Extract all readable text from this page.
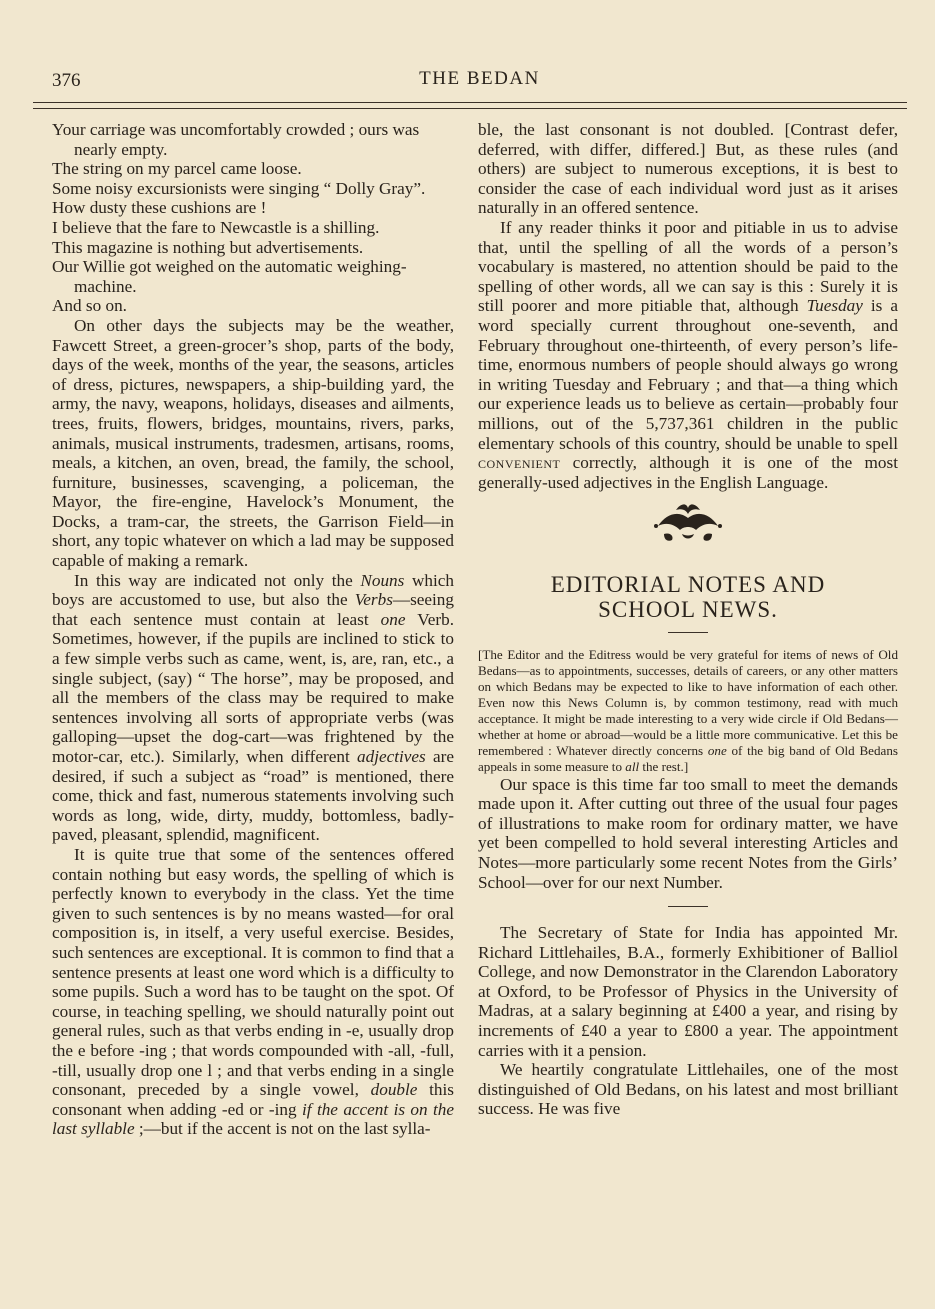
376	THE BEDAN

Your carriage was uncomfortably crowded ; ours was nearly empty.

The string on my parcel came loose.

Some noisy excursionists were singing “ Dolly Gray”.

How dusty these cushions are !

I believe that the fare to Newcastle is a shilling.

This magazine is nothing but advertisements.

Our Willie got weighed on the automatic weighing-machine.

And so on.

On other days the subjects may be the weather, Fawcett Street, a green-grocer’s shop, parts of the body, days of the week, months of the year, the seasons, articles of dress, pictures, newspapers, a ship-building yard, the army, the navy, weapons, holidays, diseases and ailments, trees, fruits, flowers, bridges, mountains, rivers, parks, animals, musical instruments, tradesmen, artisans, rooms, meals, a kitchen, an oven, bread, the family, the school, furniture, businesses, scavenging, a policeman, the Mayor, the fire-engine, Havelock’s Monument, the Docks, a tram-car, the streets, the Garrison Field—in short, any topic whatever on which a lad may be supposed capable of making a remark.

In this way are indicated not only the Nouns which boys are accustomed to use, but also the Verbs—seeing that each sentence must contain at least one Verb. Sometimes, however, if the pupils are inclined to stick to a few simple verbs such as came, went, is, are, ran, etc., a single subject, (say) “ The horse”, may be proposed, and all the members of the class may be required to make sentences involving all sorts of appropriate verbs (was galloping—upset the dog-cart—was frightened by the motor-car, etc.). Similarly, when different adjectives are desired, if such a subject as “road” is mentioned, there come, thick and fast, numerous statements involving such words as long, wide, dirty, muddy, bottomless, badly-paved, pleasant, splendid, magnificent.

It is quite true that some of the sentences offered contain nothing but easy words, the spelling of which is perfectly known to everybody in the class. Yet the time given to such sentences is by no means wasted—for oral composition is, in itself, a very useful exercise. Besides, such sentences are exceptional. It is common to find that a sentence presents at least one word which is a difficulty to some pupils. Such a word has to be taught on the spot. Of course, in teaching spelling, we should naturally point out general rules, such as that verbs ending in -e, usually drop the e before -ing ; that words compounded with -all, -full, -till, usually drop one l ; and that verbs ending in a single consonant, preceded by a single vowel, double this consonant when adding -ed or -ing if the accent is on the last syllable ;—but if the accent is not on the last sylla-

ble, the last consonant is not doubled. [Contrast defer, deferred, with differ, differed.] But, as these rules (and others) are subject to numerous exceptions, it is best to consider the case of each individual word just as it arises naturally in an offered sentence.

If any reader thinks it poor and pitiable in us to advise that, until the spelling of all the words of a person’s vocabulary is mastered, no attention should be paid to the spelling of other words, all we can say is this : Surely it is still poorer and more pitiable that, although Tuesday is a word specially current throughout one-seventh, and February throughout one-thirteenth, of every person’s life-time, enormous numbers of people should always go wrong in writing Tuesday and February ; and that—a thing which our experience leads us to believe as certain—probably four millions, out of the 5,737,361 children in the public elementary schools of this country, should be unable to spell convenient correctly, although it is one of the most generally-used adjectives in the English Language.

EDITORIAL NOTES AND
SCHOOL NEWS.

[The Editor and the Editress would be very grateful for items of news of Old Bedans—as to appointments, successes, details of careers, or any other matters on which Bedans may be expected to like to have information of each other. Even now this News Column is, by common testimony, read with much acceptance. It might be made interesting to a very wide circle if Old Bedans—whether at home or abroad—would be a little more communicative. Let this be remembered : Whatever directly concerns one of the big band of Old Bedans appeals in some measure to all the rest.]

Our space is this time far too small to meet the demands made upon it. After cutting out three of the usual four pages of illustrations to make room for ordinary matter, we have yet been compelled to hold several interesting Articles and Notes—more particularly some recent Notes from the Girls’ School—over for our next Number.

The Secretary of State for India has appointed Mr. Richard Littlehailes, B.A., formerly Exhibitioner of Balliol College, and now Demonstrator in the Clarendon Laboratory at Oxford, to be Professor of Physics in the University of Madras, at a salary beginning at £400 a year, and rising by increments of £40 a year to £800 a year. The appointment carries with it a pension.

We heartily congratulate Littlehailes, one of the most distinguished of Old Bedans, on his latest and most brilliant success. He was five
